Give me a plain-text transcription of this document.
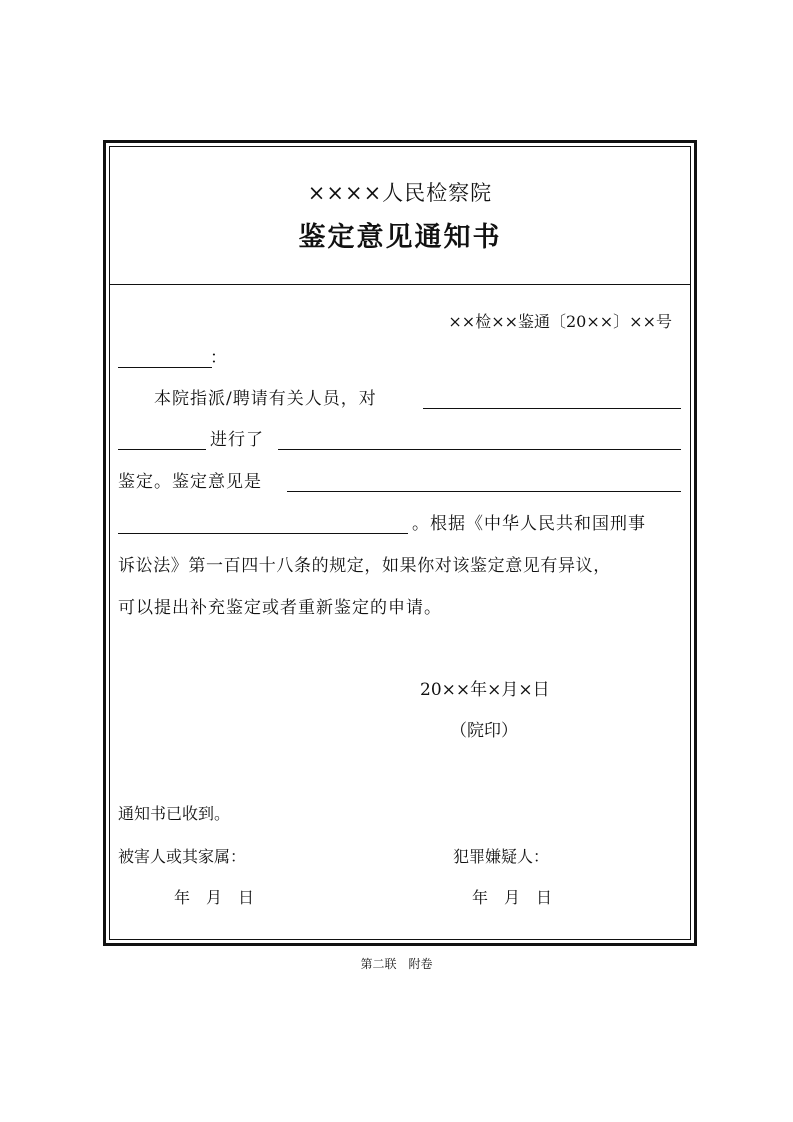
××××人民检察院
鉴定意见通知书
××检××鉴通〔20××〕××号
：
本院指派/聘请有关人员，对
进行了
鉴定。鉴定意见是
。根据《中华人民共和国刑事
诉讼法》第一百四十八条的规定，如果你对该鉴定意见有异议，
可以提出补充鉴定或者重新鉴定的申请。
20××年×月×日
（院印）
通知书已收到。
被害人或其家属：	犯罪嫌疑人：
年　月　日	年　月　日
第二联　附卷
